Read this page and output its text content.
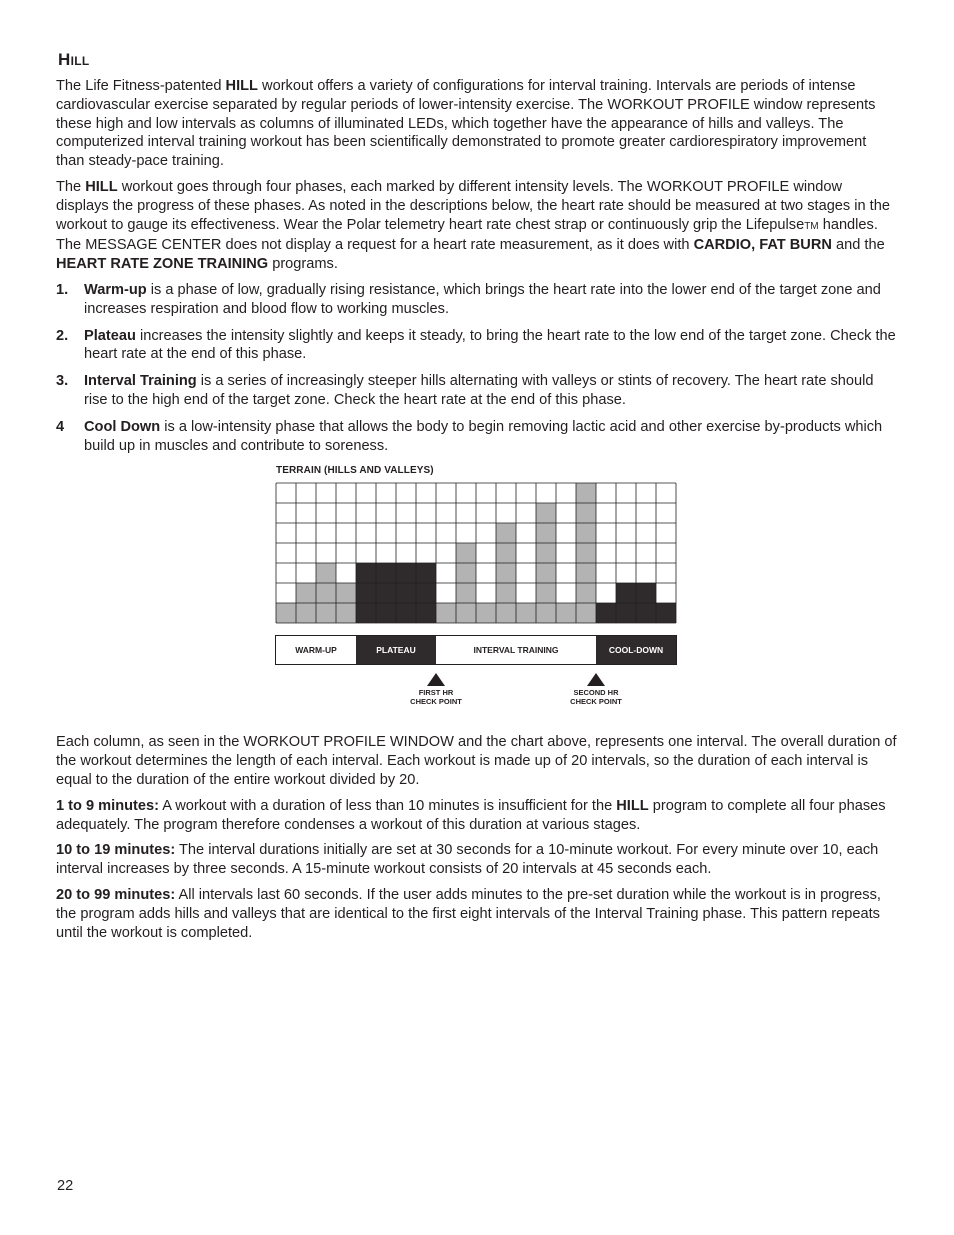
Hill

The Life Fitness-patented HILL workout offers a variety of configurations for interval training. Intervals are periods of intense cardiovascular exercise separated by regular periods of lower-intensity exercise. The WORKOUT PROFILE window represents these high and low intervals as columns of illuminated LEDs, which together have the appearance of hills and valleys. The computerized interval training workout has been scientifically demonstrated to promote greater cardiorespiratory improvement than steady-pace training.

The HILL workout goes through four phases, each marked by different intensity levels. The WORKOUT PROFILE window displays the progress of these phases. As noted in the descriptions below, the heart rate should be measured at two stages in the workout to gauge its effectiveness. Wear the Polar telemetry heart rate chest strap or continuously grip the LifepulseTM handles. The MESSAGE CENTER does not display a request for a heart rate measurement, as it does with CARDIO, FAT BURN and the HEART RATE ZONE TRAINING programs.

1. Warm-up is a phase of low, gradually rising resistance, which brings the heart rate into the lower end of the target zone and increases respiration and blood flow to working muscles.
2. Plateau increases the intensity slightly and keeps it steady, to bring the heart rate to the low end of the target zone. Check the heart rate at the end of this phase.
3. Interval Training is a series of increasingly steeper hills alternating with valleys or stints of recovery. The heart rate should rise to the high end of the target zone. Check the heart rate at the end of this phase.
4 Cool Down is a low-intensity phase that allows the body to begin removing lactic acid and other exercise by-products which build up in muscles and contribute to soreness.
TERRAIN (HILLS AND VALLEYS)
WARM-UP	PLATEAU	INTERVAL TRAINING	COOL-DOWN
FIRST HR
CHECK POINT
SECOND HR
CHECK POINT

Each column, as seen in the WORKOUT PROFILE WINDOW and the chart above, represents one interval. The overall duration of the workout determines the length of each interval. Each workout is made up of 20 intervals, so the duration of each interval is equal to the duration of the entire workout divided by 20.

1 to 9 minutes: A workout with a duration of less than 10 minutes is insufficient for the HILL program to complete all four phases adequately. The program therefore condenses a workout of this duration at various stages.

10 to 19 minutes: The interval durations initially are set at 30 seconds for a 10-minute workout. For every minute over 10, each interval increases by three seconds. A 15-minute workout consists of 20 intervals at 45 seconds each.

20 to 99 minutes: All intervals last 60 seconds. If the user adds minutes to the pre-set duration while the workout is in progress, the program adds hills and valleys that are identical to the first eight intervals of the Interval Training phase. This pattern repeats until the workout is completed.

22
